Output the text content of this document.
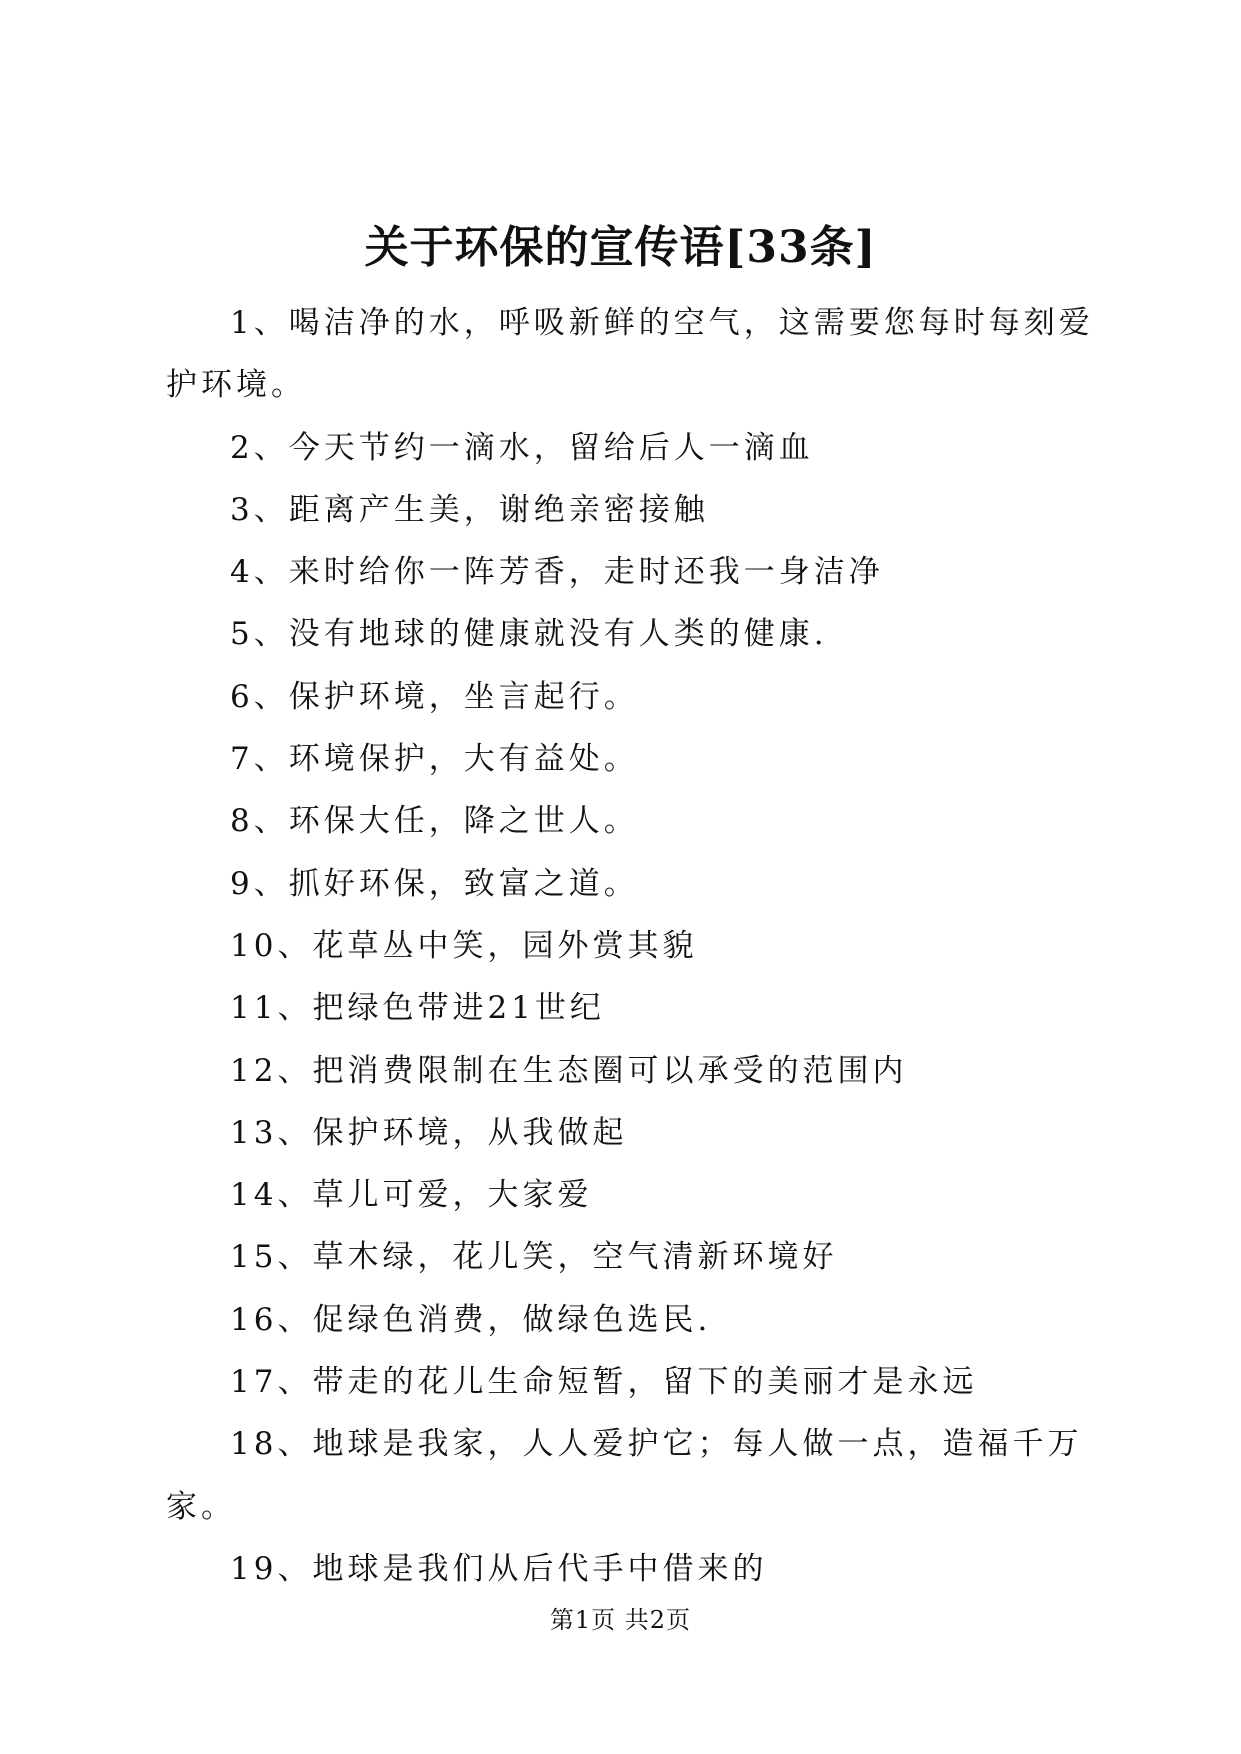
关于环保的宣传语[33条]

1、喝洁净的水，呼吸新鲜的空气，这需要您每时每刻爱护环境。

2、今天节约一滴水，留给后人一滴血

3、距离产生美，谢绝亲密接触

4、来时给你一阵芳香，走时还我一身洁净

5、没有地球的健康就没有人类的健康.

6、保护环境，坐言起行。

7、环境保护，大有益处。

8、环保大任，降之世人。

9、抓好环保，致富之道。

10、花草丛中笑，园外赏其貌

11、把绿色带进21世纪

12、把消费限制在生态圈可以承受的范围内

13、保护环境，从我做起

14、草儿可爱，大家爱

15、草木绿，花儿笑，空气清新环境好

16、促绿色消费，做绿色选民.

17、带走的花儿生命短暂，留下的美丽才是永远

18、地球是我家，人人爱护它；每人做一点，造福千万家。

19、地球是我们从后代手中借来的

第1页 共2页
